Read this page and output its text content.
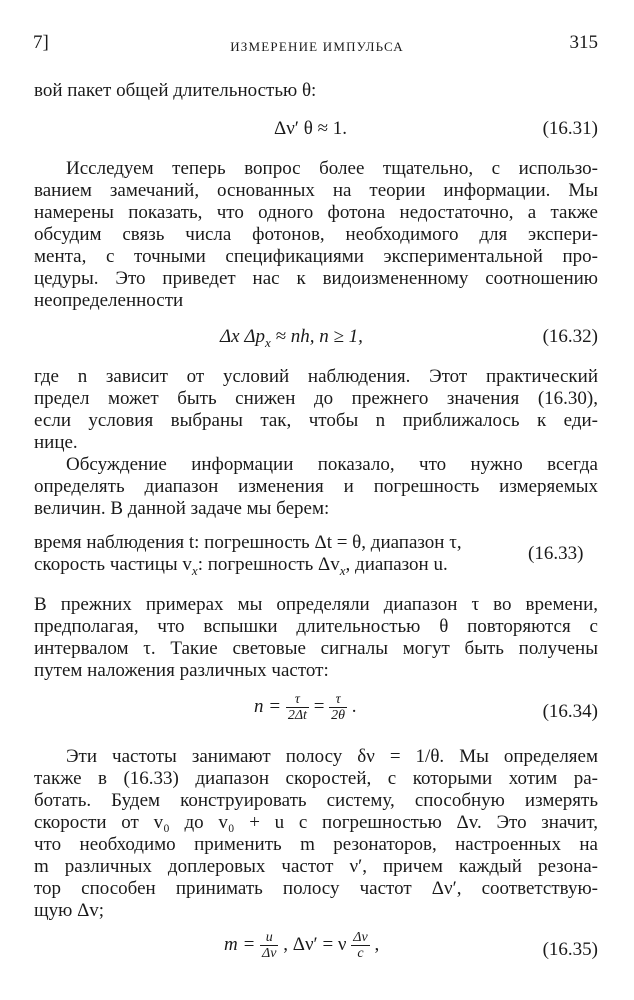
7]	ИЗМЕРЕНИЕ ИМПУЛЬСА	315
вой пакет общей длительностью θ:
Δν′ θ ≈ 1.	(16.31)
Исследуем теперь вопрос более тщательно, с использо-
ванием замечаний, основанных на теории информации. Мы
намерены показать, что одного фотона недостаточно, а также
обсудим связь числа фотонов, необходимого для экспери-
мента, с точными спецификациями экспериментальной про-
цедуры. Это приведет нас к видоизмененному соотношению
неопределенности
Δx $\Delta p_x$ ≈ nh, n ≥ 1,	(16.32)
где n зависит от условий наблюдения. Этот практический
предел может быть снижен до прежнего значения (16.30),
если условия выбраны так, чтобы n приближалось к еди-
нице.
Обсуждение информации показало, что нужно всегда
определять диапазон изменения и погрешность измеряемых
величин. В данной задаче мы берем:
время наблюдения t: погрешность Δt = θ, диапазон τ,
скорость частицы $v_x$: погрешность $\Delta v_x$, диапазон u.
(16.33)
В прежних примерах мы определяли диапазон τ во времени,
предполагая, что вспышки длительностью θ повторяются с
интервалом τ. Такие световые сигналы могут быть получены
путем наложения различных частот:
$n = \frac{\tau}{2\Delta t} = \frac{\tau}{2\theta}$ .	(16.34)
Эти частоты занимают полосу δν = 1/θ. Мы определяем
также в (16.33) диапазон скоростей, с которыми хотим ра-
ботать. Будем конструировать систему, способную измерять
скорости от v₀ до v₀ + u с погрешностью Δv. Это значит,
что необходимо применить m резонаторов, настроенных на
m различных доплеровых частот ν′, причем каждый резона-
тор способен принимать полосу частот Δν′, соответствую-
щую Δv;
$m = \frac{u}{\Delta v}$ , Δν′ = ν $\frac{\Delta v}{c}$ ,	(16.35)
